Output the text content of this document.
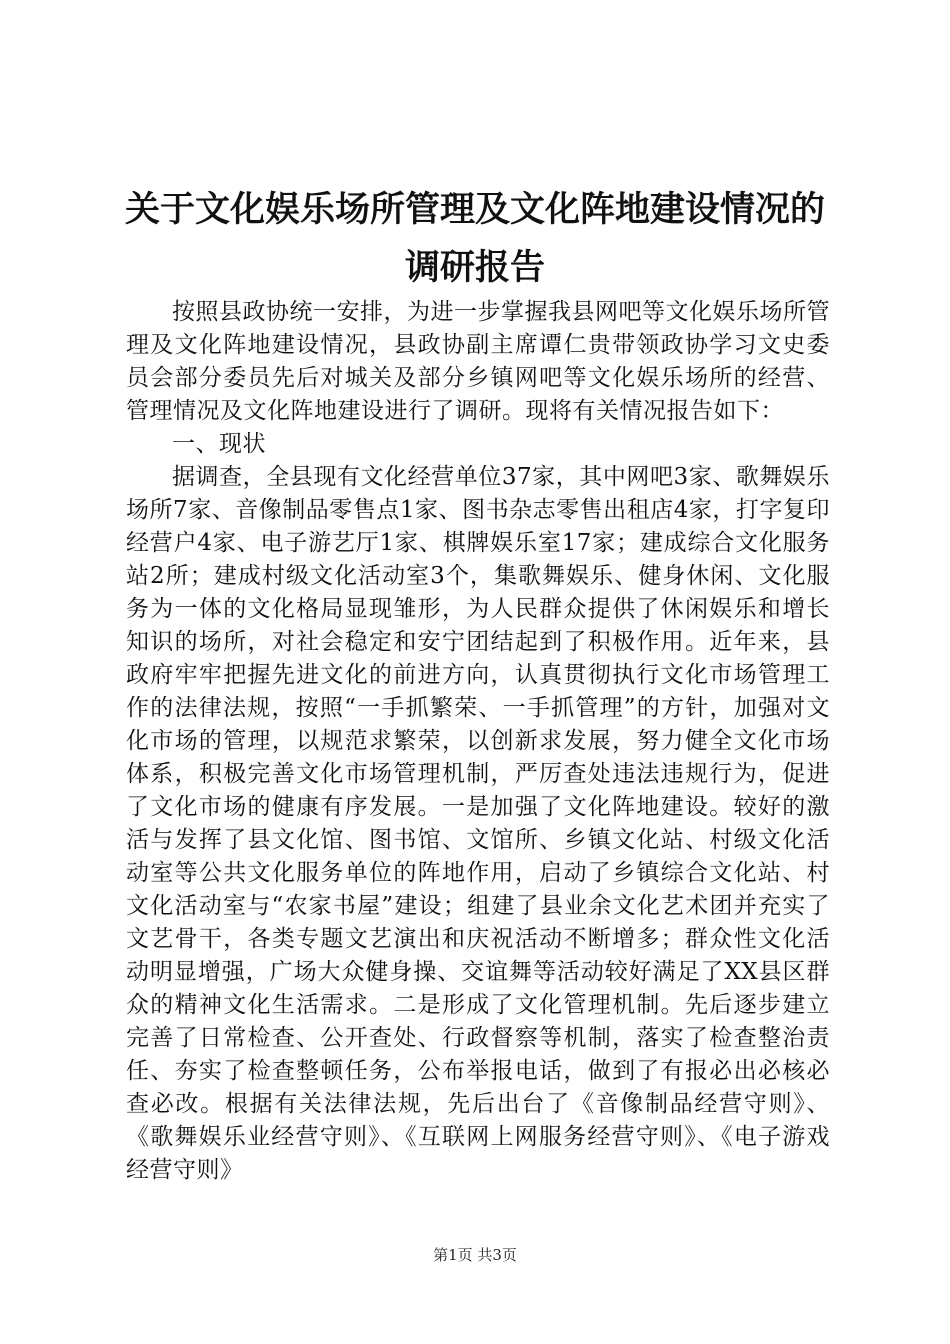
关于文化娱乐场所管理及文化阵地建设情况的
调研报告

按照县政协统一安排，为进一步掌握我县网吧等文化娱乐场所管理及文化阵地建设情况，县政协副主席谭仁贵带领政协学习文史委员会部分委员先后对城关及部分乡镇网吧等文化娱乐场所的经营、管理情况及文化阵地建设进行了调研。现将有关情况报告如下：

一、现状

据调查，全县现有文化经营单位37家，其中网吧3家、歌舞娱乐场所7家、音像制品零售点1家、图书杂志零售出租店4家，打字复印经营户4家、电子游艺厅1家、棋牌娱乐室17家；建成综合文化服务站2所；建成村级文化活动室3个，集歌舞娱乐、健身休闲、文化服务为一体的文化格局显现雏形，为人民群众提供了休闲娱乐和增长知识的场所，对社会稳定和安宁团结起到了积极作用。近年来，县政府牢牢把握先进文化的前进方向，认真贯彻执行文化市场管理工作的法律法规，按照“一手抓繁荣、一手抓管理”的方针，加强对文化市场的管理，以规范求繁荣，以创新求发展，努力健全文化市场体系，积极完善文化市场管理机制，严厉查处违法违规行为，促进了文化市场的健康有序发展。一是加强了文化阵地建设。较好的激活与发挥了县文化馆、图书馆、文馆所、乡镇文化站、村级文化活动室等公共文化服务单位的阵地作用，启动了乡镇综合文化站、村文化活动室与“农家书屋”建设；组建了县业余文化艺术团并充实了文艺骨干，各类专题文艺演出和庆祝活动不断增多；群众性文化活动明显增强，广场大众健身操、交谊舞等活动较好满足了XX县区群众的精神文化生活需求。二是形成了文化管理机制。先后逐步建立完善了日常检查、公开查处、行政督察等机制，落实了检查整治责任、夯实了检查整顿任务，公布举报电话，做到了有报必出必核必查必改。根据有关法律法规，先后出台了《音像制品经营守则》、《歌舞娱乐业经营守则》、《互联网上网服务经营守则》、《电子游戏经营守则》

第1页 共3页
